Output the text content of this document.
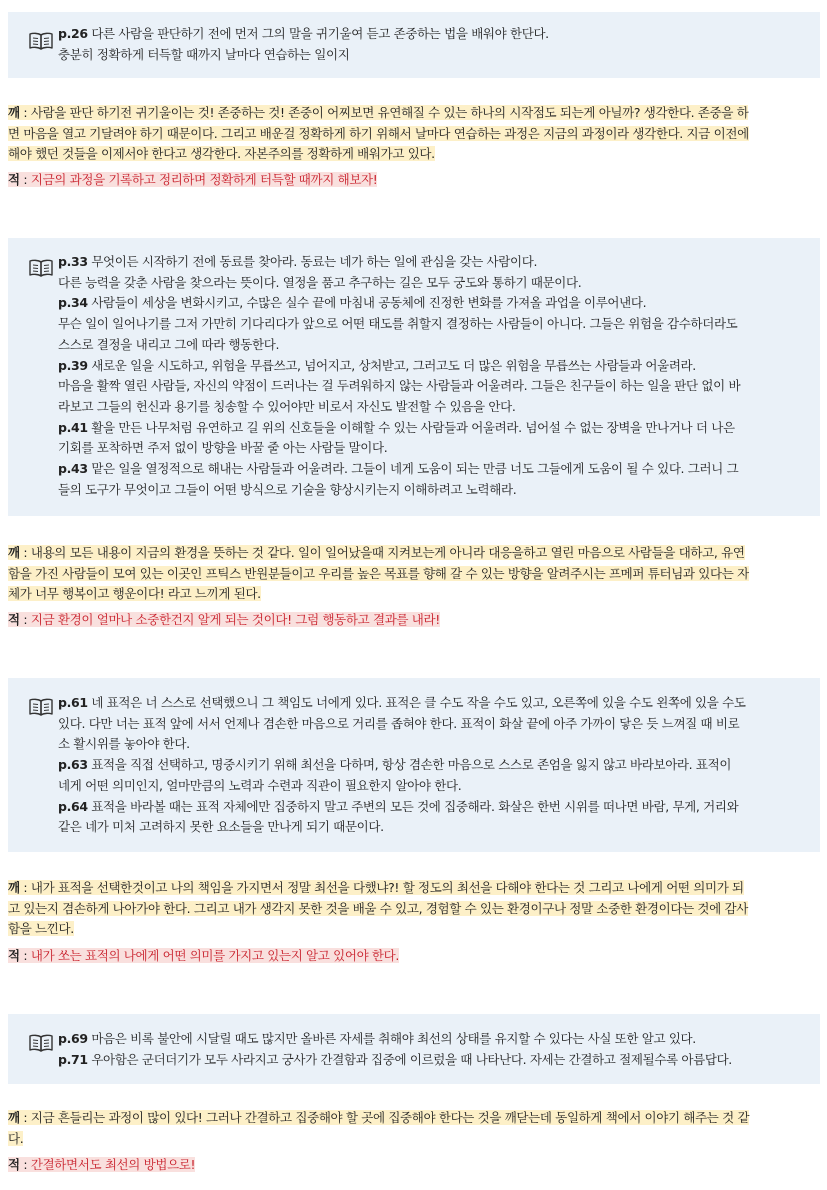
p.26 다른 사람을 판단하기 전에 먼저 그의 말을 귀기울여 듣고 존중하는 법을 배워야 한단다.

충분히 정확하게 터득할 때까지 날마다 연습하는 일이지

깨 : 사람을 판단 하기전 귀기울이는 것! 존중하는 것! 존중이 어찌보면 유연해질 수 있는 하나의 시작점도 되는게 아닐까? 생각한다. 존중을 하

면 마음을 열고 기달려야 하기 때문이다. 그리고 배운걸 정확하게 하기 위해서 날마다 연습하는 과정은 지금의 과정이라 생각한다. 지금 이전에

해야 했던 것들을 이제서야 한다고 생각한다. 자본주의를 정확하게 배워가고 있다.

적 : 지금의 과정을 기록하고 정리하며 정확하게 터득할 때까지 해보자!

p.33 무엇이든 시작하기 전에 동료를 찾아라. 동료는 네가 하는 일에 관심을 갖는 사람이다.

다른 능력을 갖춘 사람을 찾으라는 뜻이다. 열정을 품고 추구하는 길은 모두 궁도와 통하기 때문이다.

p.34 사람들이 세상을 변화시키고, 수많은 실수 끝에 마침내 공동체에 진정한 변화를 가져올 과업을 이루어낸다.

무슨 일이 일어나기를 그저 가만히 기다리다가 앞으로 어떤 태도를 취할지 결정하는 사람들이 아니다. 그들은 위험을 감수하더라도

스스로 결정을 내리고 그에 따라 행동한다.

p.39 새로운 일을 시도하고, 위험을 무릅쓰고, 넘어지고, 상처받고, 그러고도 더 많은 위험을 무릅쓰는 사람들과 어울려라.

마음을 활짝 열린 사람들, 자신의 약점이 드러나는 걸 두려워하지 않는 사람들과 어울려라. 그들은 친구들이 하는 일을 판단 없이 바

라보고 그들의 헌신과 용기를 칭송할 수 있어야만 비로서 자신도 발전할 수 있음을 안다.

p.41 활을 만든 나무처럼 유연하고 길 위의 신호들을 이해할 수 있는 사람들과 어울려라. 넘어설 수 없는 장벽을 만나거나 더 나은

기회를 포착하면 주저 없이 방향을 바꿀 줄 아는 사람들 말이다.

p.43 맡은 일을 열정적으로 해내는 사람들과 어울려라. 그들이 네게 도움이 되는 만큼 너도 그들에게 도움이 될 수 있다. 그러니 그

들의 도구가 무엇이고 그들이 어떤 방식으로 기술을 향상시키는지 이해하려고 노력해라.

깨 : 내용의 모든 내용이 지금의 환경을 뜻하는 것 같다. 일이 일어났을때 지켜보는게 아니라 대응을하고 열린 마음으로 사람들을 대하고, 유연

함을 가진 사람들이 모여 있는 이곳인 프틱스 반원분들이고 우리를 높은 목표를 향해 갈 수 있는 방향을 알려주시는 프메퍼 튜터님과 있다는 자

체가 너무 행복이고 행운이다! 라고 느끼게 된다.

적 : 지금 환경이 얼마나 소중한건지 알게 되는 것이다! 그럼 행동하고 결과를 내라!

p.61 네 표적은 너 스스로 선택했으니 그 책임도 너에게 있다. 표적은 클 수도 작을 수도 있고, 오른쪽에 있을 수도 왼쪽에 있을 수도

있다. 다만 너는 표적 앞에 서서 언제나 겸손한 마음으로 거리를 좁혀야 한다. 표적이 화살 끝에 아주 가까이 닿은 듯 느껴질 때 비로

소 활시위를 놓아야 한다.

p.63 표적을 직접 선택하고, 명중시키기 위해 최선을 다하며, 항상 겸손한 마음으로 스스로 존엄을 잃지 않고 바라보아라. 표적이

네게 어떤 의미인지, 얼마만큼의 노력과 수련과 직관이 필요한지 알아야 한다.

p.64 표적을 바라볼 때는 표적 자체에만 집중하지 말고 주변의 모든 것에 집중해라. 화살은 한번 시위를 떠나면 바람, 무게, 거리와

같은 네가 미처 고려하지 못한 요소들을 만나게 되기 때문이다.

깨 : 내가 표적을 선택한것이고 나의 책임을 가지면서 정말 최선을 다했냐?! 할 정도의 최선을 다해야 한다는 것 그리고 나에게 어떤 의미가 되

고 있는지 겸손하게 나아가야 한다. 그리고 내가 생각지 못한 것을 배울 수 있고, 경험할 수 있는 환경이구나 정말 소중한 환경이다는 것에 감사

함을 느낀다.

적 : 내가 쏘는 표적의 나에게 어떤 의미를 가지고 있는지 알고 있어야 한다.

p.69 마음은 비록 불안에 시달릴 때도 많지만 올바른 자세를 취해야 최선의 상태를 유지할 수 있다는 사실 또한 알고 있다.

p.71 우아함은 군더더기가 모두 사라지고 궁사가 간결함과 집중에 이르렀을 때 나타난다. 자세는 간결하고 절제될수록 아름답다.

깨 : 지금 흔들리는 과정이 많이 있다! 그러나 간결하고 집중해야 할 곳에 집중해야 한다는 것을 깨닫는데 동일하게 책에서 이야기 해주는 것 같

다.

적 : 간결하면서도 최선의 방법으로!
